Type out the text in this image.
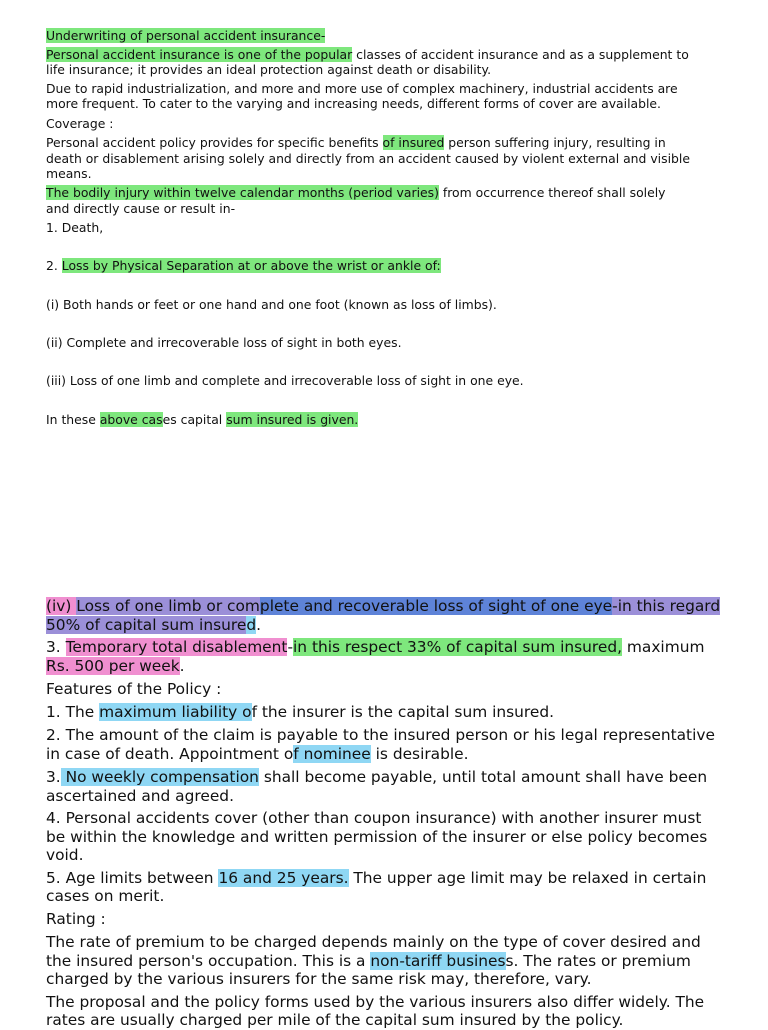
Underwriting of personal accident insurance-

Personal accident insurance is one of the popular classes of accident insurance and as a supplement to

life insurance; it provides an ideal protection against death or disability.

Due to rapid industrialization, and more and more use of complex machinery, industrial accidents are

more frequent. To cater to the varying and increasing needs, different forms of cover are available.

Coverage :

Personal accident policy provides for specific benefits of insured person suffering injury, resulting in

death or disablement arising solely and directly from an accident caused by violent external and visible

means.

The bodily injury within twelve calendar months (period varies) from occurrence thereof shall solely

and directly cause or result in-

1. Death,

2. Loss by Physical Separation at or above the wrist or ankle of:

(i) Both hands or feet or one hand and one foot (known as loss of limbs).

(ii) Complete and irrecoverable loss of sight in both eyes.

(iii) Loss of one limb and complete and irrecoverable loss of sight in one eye.

In these above cases capital sum insured is given.

(iv) Loss of one limb or complete and recoverable loss of sight of one eye-in this regard

50% of capital sum insured.

3. Temporary total disablement-in this respect 33% of capital sum insured, maximum

Rs. 500 per week.

Features of the Policy :

1. The maximum liability of the insurer is the capital sum insured.

2. The amount of the claim is payable to the insured person or his legal representative

in case of death. Appointment of nominee is desirable.

3. No weekly compensation shall become payable, until total amount shall have been

ascertained and agreed.

4. Personal accidents cover (other than coupon insurance) with another insurer must

be within the knowledge and written permission of the insurer or else policy becomes

void.

5. Age limits between 16 and 25 years. The upper age limit may be relaxed in certain

cases on merit.

Rating :

The rate of premium to be charged depends mainly on the type of cover desired and

the insured person's occupation. This is a non-tariff business. The rates or premium

charged by the various insurers for the same risk may, therefore, vary.

The proposal and the policy forms used by the various insurers also differ widely. The

rates are usually charged per mile of the capital sum insured by the policy.
